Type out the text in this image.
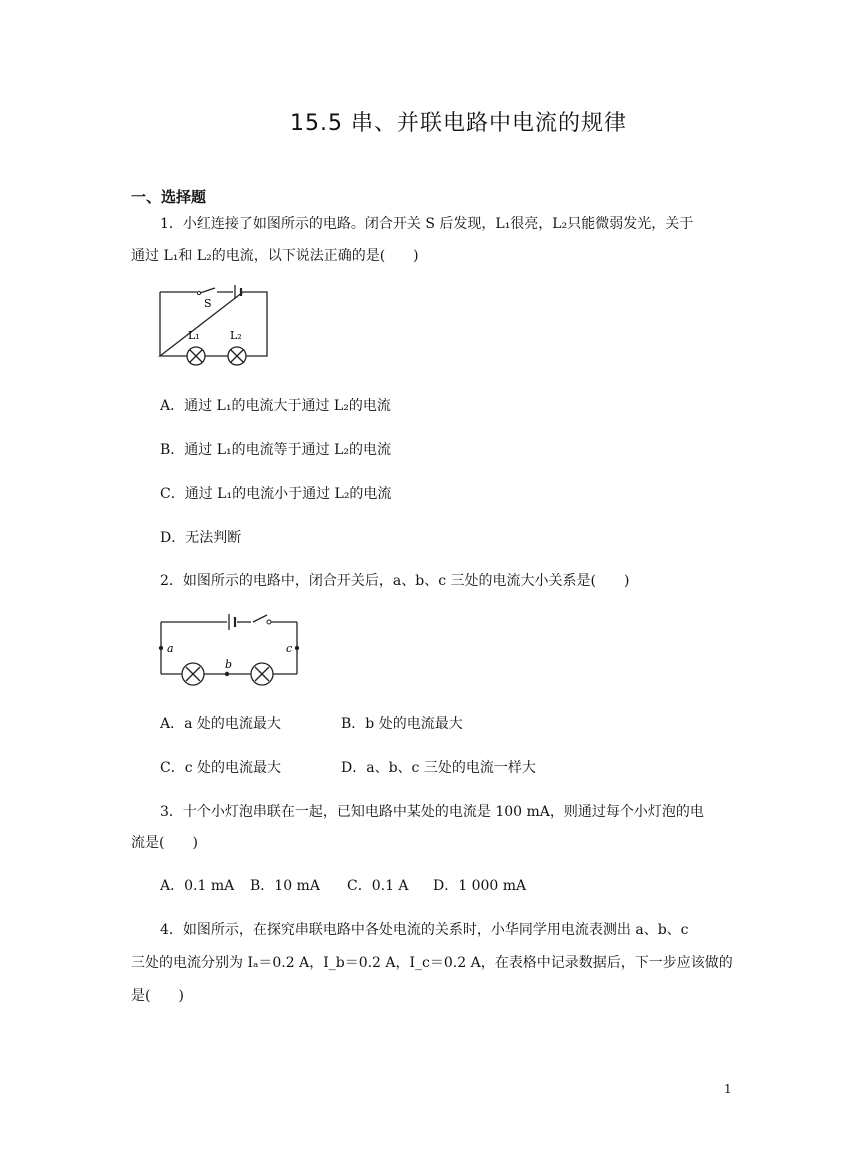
15.5 串、并联电路中电流的规律
一、选择题
1．小红连接了如图所示的电路。闭合开关 S 后发现，L₁很亮，L₂只能微弱发光，关于
通过 L₁和 L₂的电流，以下说法正确的是(　　)
S
L₁	L₂
A．通过 L₁的电流大于通过 L₂的电流
B．通过 L₁的电流等于通过 L₂的电流
C．通过 L₁的电流小于通过 L₂的电流
D．无法判断
2．如图所示的电路中，闭合开关后，a、b、c 三处的电流大小关系是(　　)
a
b
c
A．a 处的电流最大	B．b 处的电流最大
C．c 处的电流最大	D．a、b、c 三处的电流一样大
3．十个小灯泡串联在一起，已知电路中某处的电流是 100 mA，则通过每个小灯泡的电
流是(　　)
A．0.1 mA B．10 mA C．0.1 A D．1 000 mA
4．如图所示，在探究串联电路中各处电流的关系时，小华同学用电流表测出 a、b、c
三处的电流分别为 Iₐ＝0.2 A，I_b＝0.2 A，I_c＝0.2 A，在表格中记录数据后，下一步应该做的
是(　　)
1
